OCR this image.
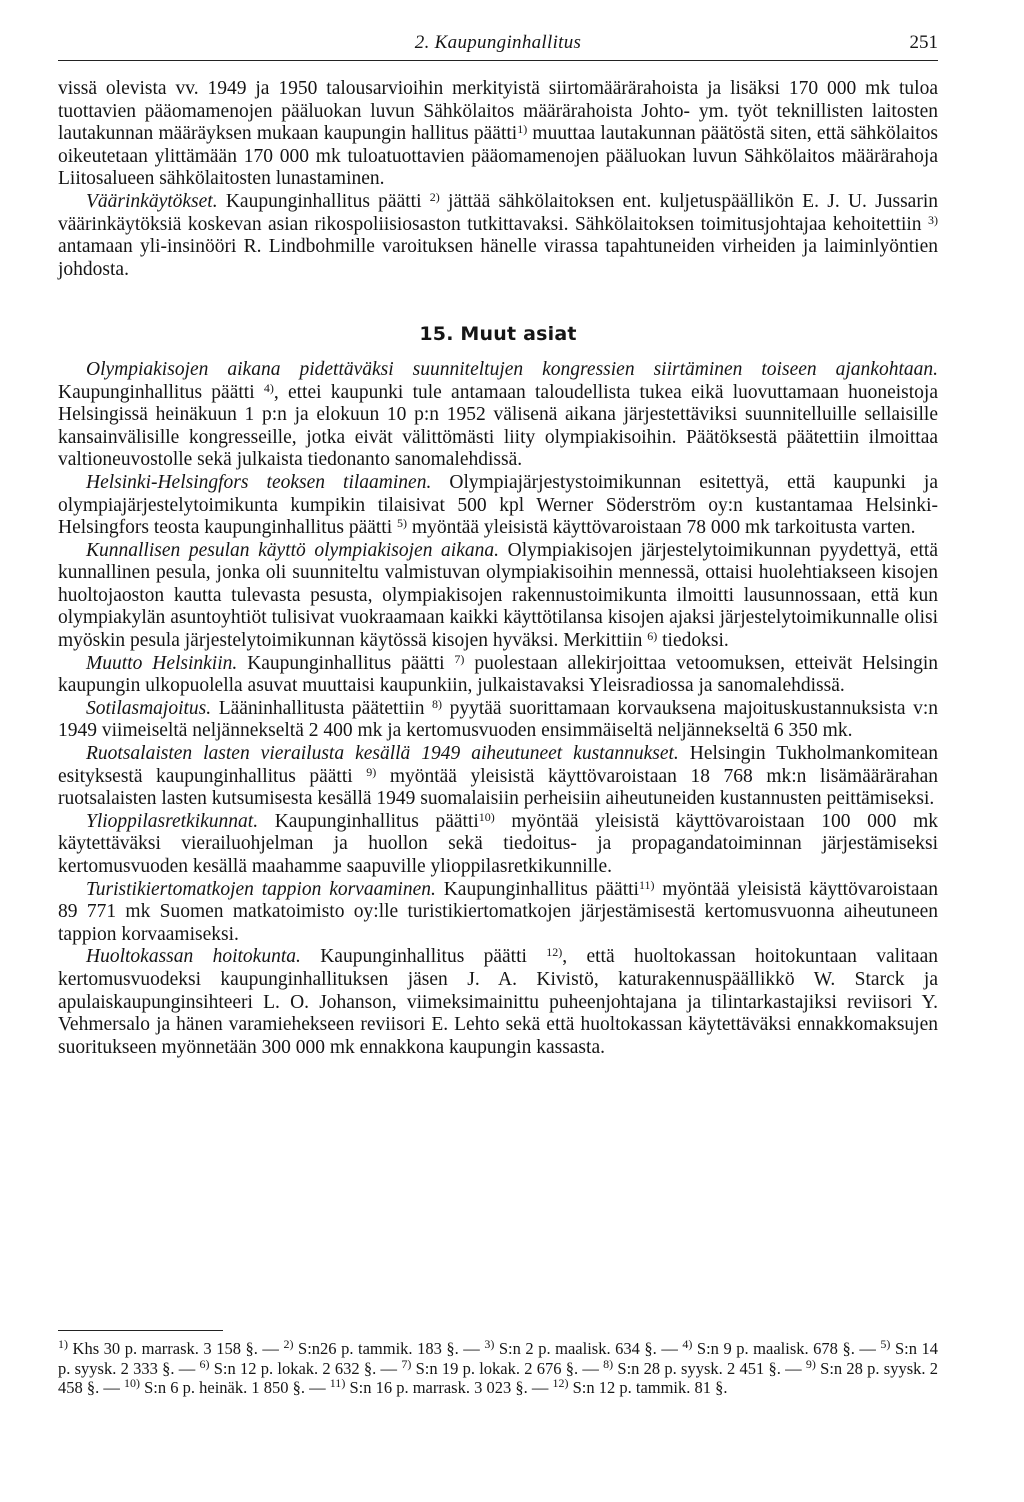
2. Kaupunginhallitus	251

vissä olevista vv. 1949 ja 1950 talousarvioihin merkityistä siirtomäärärahoista ja lisäksi 170 000 mk tuloa tuottavien pääomamenojen pääluokan luvun Sähkölaitos määrärahoista Johto- ym. työt teknillisten laitosten lautakunnan määräyksen mukaan kaupungin hallitus päätti$^{1)}$ muuttaa lautakunnan päätöstä siten, että sähkölaitos oikeutetaan ylittämään 170 000 mk tuloatuottavien pääomamenojen pääluokan luvun Sähkölaitos määrärahoja Liitosalueen sähkölaitosten lunastaminen.

Väärinkäytökset. Kaupunginhallitus päätti $^{2)}$ jättää sähkölaitoksen ent. kuljetuspäällikön E. J. U. Jussarin väärinkäytöksiä koskevan asian rikospoliisiosaston tutkittavaksi. Sähkölaitoksen toimitusjohtajaa kehoitettiin $^{3)}$ antamaan yli-insinööri R. Lindbohmille varoituksen hänelle virassa tapahtuneiden virheiden ja laiminlyöntien johdosta.

15. Muut asiat

Olympiakisojen aikana pidettäväksi suunniteltujen kongressien siirtäminen toiseen ajankohtaan. Kaupunginhallitus päätti $^{4)}$, ettei kaupunki tule antamaan taloudellista tukea eikä luovuttamaan huoneistoja Helsingissä heinäkuun 1 p:n ja elokuun 10 p:n 1952 välisenä aikana järjestettäviksi suunnitelluille sellaisille kansainvälisille kongresseille, jotka eivät välittömästi liity olympiakisoihin. Päätöksestä päätettiin ilmoittaa valtioneuvostolle sekä julkaista tiedonanto sanomalehdissä.

Helsinki-Helsingfors teoksen tilaaminen. Olympiajärjestystoimikunnan esitettyä, että kaupunki ja olympiajärjestelytoimikunta kumpikin tilaisivat 500 kpl Werner Söderström oy:n kustantamaa Helsinki-Helsingfors teosta kaupunginhallitus päätti $^{5)}$ myöntää yleisistä käyttövaroistaan 78 000 mk tarkoitusta varten.

Kunnallisen pesulan käyttö olympiakisojen aikana. Olympiakisojen järjestelytoimikunnan pyydettyä, että kunnallinen pesula, jonka oli suunniteltu valmistuvan olympiakisoihin mennessä, ottaisi huolehtiakseen kisojen huoltojaoston kautta tulevasta pesusta, olympiakisojen rakennustoimikunta ilmoitti lausunnossaan, että kun olympiakylän asuntoyhtiöt tulisivat vuokraamaan kaikki käyttötilansa kisojen ajaksi järjestelytoimikunnalle olisi myöskin pesula järjestelytoimikunnan käytössä kisojen hyväksi. Merkittiin $^{6)}$ tiedoksi.

Muutto Helsinkiin. Kaupunginhallitus päätti $^{7)}$ puolestaan allekirjoittaa vetoomuksen, etteivät Helsingin kaupungin ulkopuolella asuvat muuttaisi kaupunkiin, julkaistavaksi Yleisradiossa ja sanomalehdissä.

Sotilasmajoitus. Lääninhallitusta päätettiin $^{8)}$ pyytää suorittamaan korvauksena majoituskustannuksista v:n 1949 viimeiseltä neljännekseltä 2 400 mk ja kertomusvuoden ensimmäiseltä neljännekseltä 6 350 mk.

Ruotsalaisten lasten vierailusta kesällä 1949 aiheutuneet kustannukset. Helsingin Tukholmankomitean esityksestä kaupunginhallitus päätti $^{9)}$ myöntää yleisistä käyttövaroistaan 18 768 mk:n lisämäärärahan ruotsalaisten lasten kutsumisesta kesällä 1949 suomalaisiin perheisiin aiheutuneiden kustannusten peittämiseksi.

Ylioppilasretkikunnat. Kaupunginhallitus päätti$^{10)}$ myöntää yleisistä käyttövaroistaan 100 000 mk käytettäväksi vierailuohjelman ja huollon sekä tiedoitus- ja propagandatoiminnan järjestämiseksi kertomusvuoden kesällä maahamme saapuville ylioppilasretkikunnille.

Turistikiertomatkojen tappion korvaaminen. Kaupunginhallitus päätti$^{11)}$ myöntää yleisistä käyttövaroistaan 89 771 mk Suomen matkatoimisto oy:lle turistikiertomatkojen järjestämisestä kertomusvuonna aiheutuneen tappion korvaamiseksi.

Huoltokassan hoitokunta. Kaupunginhallitus päätti $^{12)}$, että huoltokassan hoitokuntaan valitaan kertomusvuodeksi kaupunginhallituksen jäsen J. A. Kivistö, katurakennuspäällikkö W. Starck ja apulaiskaupunginsihteeri L. O. Johanson, viimeksimainittu puheenjohtajana ja tilintarkastajiksi reviisori Y. Vehmersalo ja hänen varamiehekseen reviisori E. Lehto sekä että huoltokassan käytettäväksi ennakkomaksujen suoritukseen myönnetään 300 000 mk ennakkona kaupungin kassasta.

$^{1)}$ Khs 30 p. marrask. 3 158 §. — $^{2)}$ S:n26 p. tammik. 183 §. — $^{3)}$ S:n 2 p. maalisk. 634 §. — $^{4)}$ S:n 9 p. maalisk. 678 §. — $^{5)}$ S:n 14 p. syysk. 2 333 §. — $^{6)}$ S:n 12 p. lokak. 2 632 §. — $^{7)}$ S:n 19 p. lokak. 2 676 §. — $^{8)}$ S:n 28 p. syysk. 2 451 §. — $^{9)}$ S:n 28 p. syysk. 2 458 §. — $^{10)}$ S:n 6 p. heinäk. 1 850 §. — $^{11)}$ S:n 16 p. marrask. 3 023 §. — $^{12)}$ S:n 12 p. tammik. 81 §.
